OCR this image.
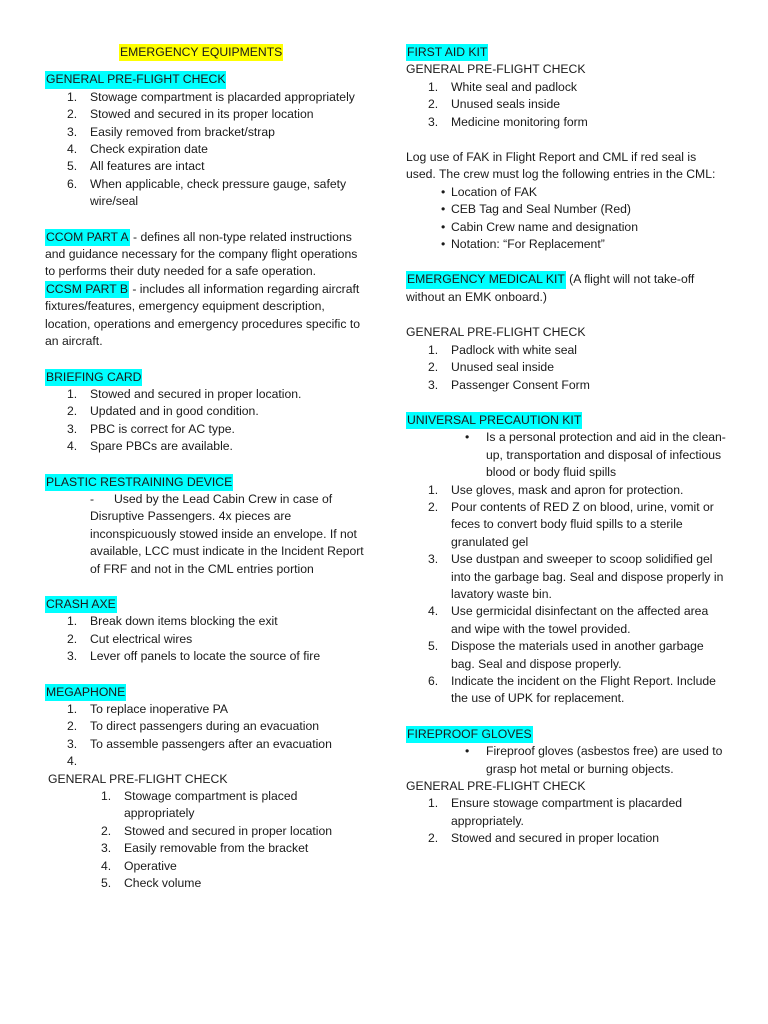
EMERGENCY EQUIPMENTS
GENERAL PRE-FLIGHT CHECK
1. Stowage compartment is placarded appropriately
2. Stowed and secured in its proper location
3. Easily removed from bracket/strap
4. Check expiration date
5. All features are intact
6. When applicable, check pressure gauge, safety wire/seal

CCOM PART A - defines all non-type related instructions and guidance necessary for the company flight operations to performs their duty needed for a safe operation.

CCSM PART B - includes all information regarding aircraft fixtures/features, emergency equipment description, location, operations and emergency procedures specific to an aircraft.

BRIEFING CARD
1. Stowed and secured in proper location.
2. Updated and in good condition.
3. PBC is correct for AC type.
4. Spare PBCs are available.
PLASTIC RESTRAINING DEVICE
-	Used by the Lead Cabin Crew in case of Disruptive Passengers. 4x pieces are inconspicuously stowed inside an envelope. If not available, LCC must indicate in the Incident Report of FRF and not in the CML entries portion
CRASH AXE
1. Break down items blocking the exit
2. Cut electrical wires
3. Lever off panels to locate the source of fire
MEGAPHONE
1. To replace inoperative PA
2. To direct passengers during an evacuation
3. To assemble passengers after an evacuation
4.

GENERAL PRE-FLIGHT CHECK
1. Stowage compartment is placed appropriately
2. Stowed and secured in proper location
3. Easily removable from the bracket
4. Operative
5. Check volume
FIRST AID KIT
GENERAL PRE-FLIGHT CHECK
1. White seal and padlock
2. Unused seals inside
3. Medicine monitoring form

Log use of FAK in Flight Report and CML if red seal is used. The crew must log the following entries in the CML:

• Location of FAK
• CEB Tag and Seal Number (Red)
• Cabin Crew name and designation
• Notation: “For Replacement”

EMERGENCY MEDICAL KIT (A flight will not take-off without an EMK onboard.)

GENERAL PRE-FLIGHT CHECK
1. Padlock with white seal
2. Unused seal inside
3. Passenger Consent Form
UNIVERSAL PRECAUTION KIT
• Is a personal protection and aid in the clean-up, transportation and disposal of infectious blood or body fluid spills
1. Use gloves, mask and apron for protection.
2. Pour contents of RED Z on blood, urine, vomit or feces to convert body fluid spills to a sterile granulated gel
3. Use dustpan and sweeper to scoop solidified gel into the garbage bag. Seal and dispose properly in lavatory waste bin.
4. Use germicidal disinfectant on the affected area and wipe with the towel provided.
5. Dispose the materials used in another garbage bag. Seal and dispose properly.
6. Indicate the incident on the Flight Report. Include the use of UPK for replacement.
FIREPROOF GLOVES
• Fireproof gloves (asbestos free) are used to grasp hot metal or burning objects.
GENERAL PRE-FLIGHT CHECK
1. Ensure stowage compartment is placarded appropriately.
2. Stowed and secured in proper location
